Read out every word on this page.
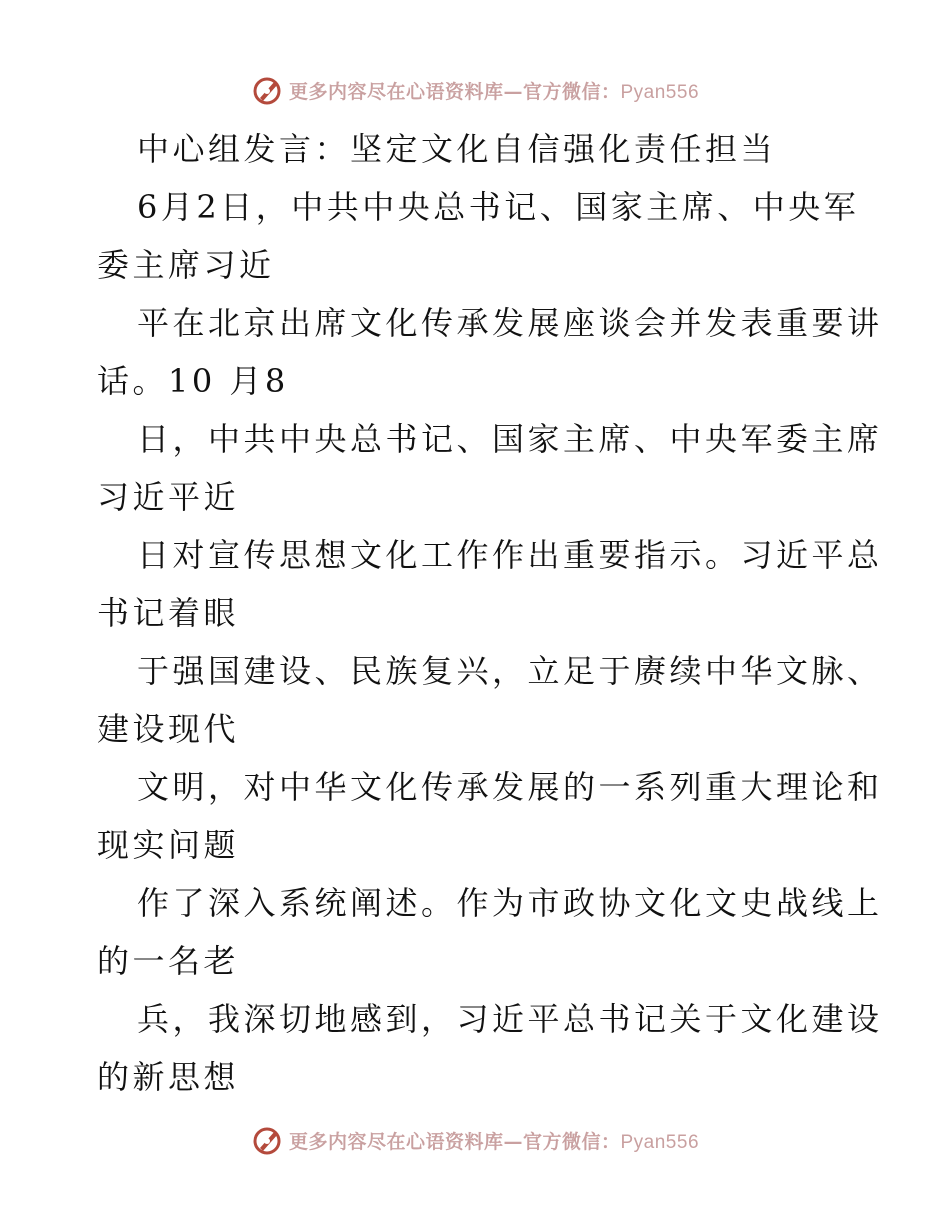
更多内容尽在心语资料库—官方微信：Pyan556
中心组发言：坚定文化自信强化责任担当
6月2日，中共中央总书记、国家主席、中央军
委主席习近
平在北京出席文化传承发展座谈会并发表重要讲
话。10 月8
日，中共中央总书记、国家主席、中央军委主席
习近平近
日对宣传思想文化工作作出重要指示。习近平总
书记着眼
于强国建设、民族复兴，立足于赓续中华文脉、
建设现代
文明，对中华文化传承发展的一系列重大理论和
现实问题
作了深入系统阐述。作为市政协文化文史战线上
的一名老
兵，我深切地感到，习近平总书记关于文化建设
的新思想
更多内容尽在心语资料库—官方微信：Pyan556
